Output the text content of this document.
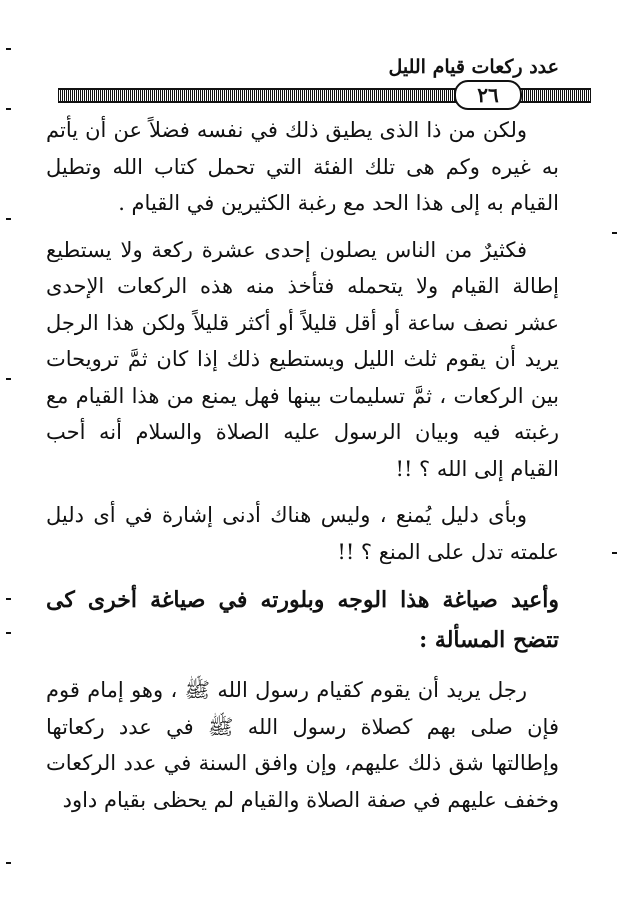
عدد ركعات قيام الليل
٢٦

ولكن من ذا الذى يطيق ذلك في نفسه فضلاً عن أن يأتم به غيره وكم هى تلك الفئة التي تحمل كتاب الله وتطيل القيام به إلى هذا الحد مع رغبة الكثيرين في القيام .

فكثيرٌ من الناس يصلون إحدى عشرة ركعة ولا يستطيع إطالة القيام ولا يتحمله فتأخذ منه هذه الركعات الإحدى عشر نصف ساعة أو أقل قليلاً أو أكثر قليلاً ولكن هذا الرجل يريد أن يقوم ثلث الليل ويستطيع ذلك إذا كان ثمَّ ترويحات بين الركعات ، ثمَّ تسليمات بينها فهل يمنع من هذا القيام مع رغبته فيه وبيان الرسول عليه الصلاة والسلام أنه أحب القيام إلى الله ؟ !!

وبأى دليل يُمنع ، وليس هناك أدنى إشارة في أى دليل علمته تدل على المنع ؟ !!

وأعيد صياغة هذا الوجه وبلورته في صياغة أخرى كى تتضح المسألة :

رجل يريد أن يقوم كقيام رسول الله ﷺ ، وهو إمام قوم فإن صلى بهم كصلاة رسول الله ﷺ في عدد ركعاتها وإطالتها شق ذلك عليهم، وإن وافق السنة في عدد الركعات وخفف عليهم في صفة الصلاة والقيام لم يحظى بقيام داود
